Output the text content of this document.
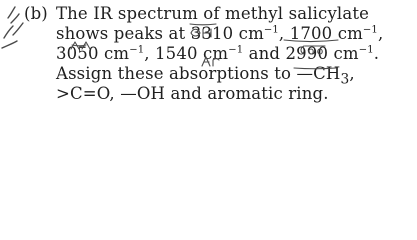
(b) The IR spectrum of methyl salicylate
shows peaks at 3310 $cm^{-1}$, 1700 $cm^{-1}$,
3050 $cm^{-1}$, 1540 $cm^{-1}$ and 2990 $cm^{-1}$.
Assign these absorptions to $—CH_3$,
>C=O, —OH and aromatic ring.
